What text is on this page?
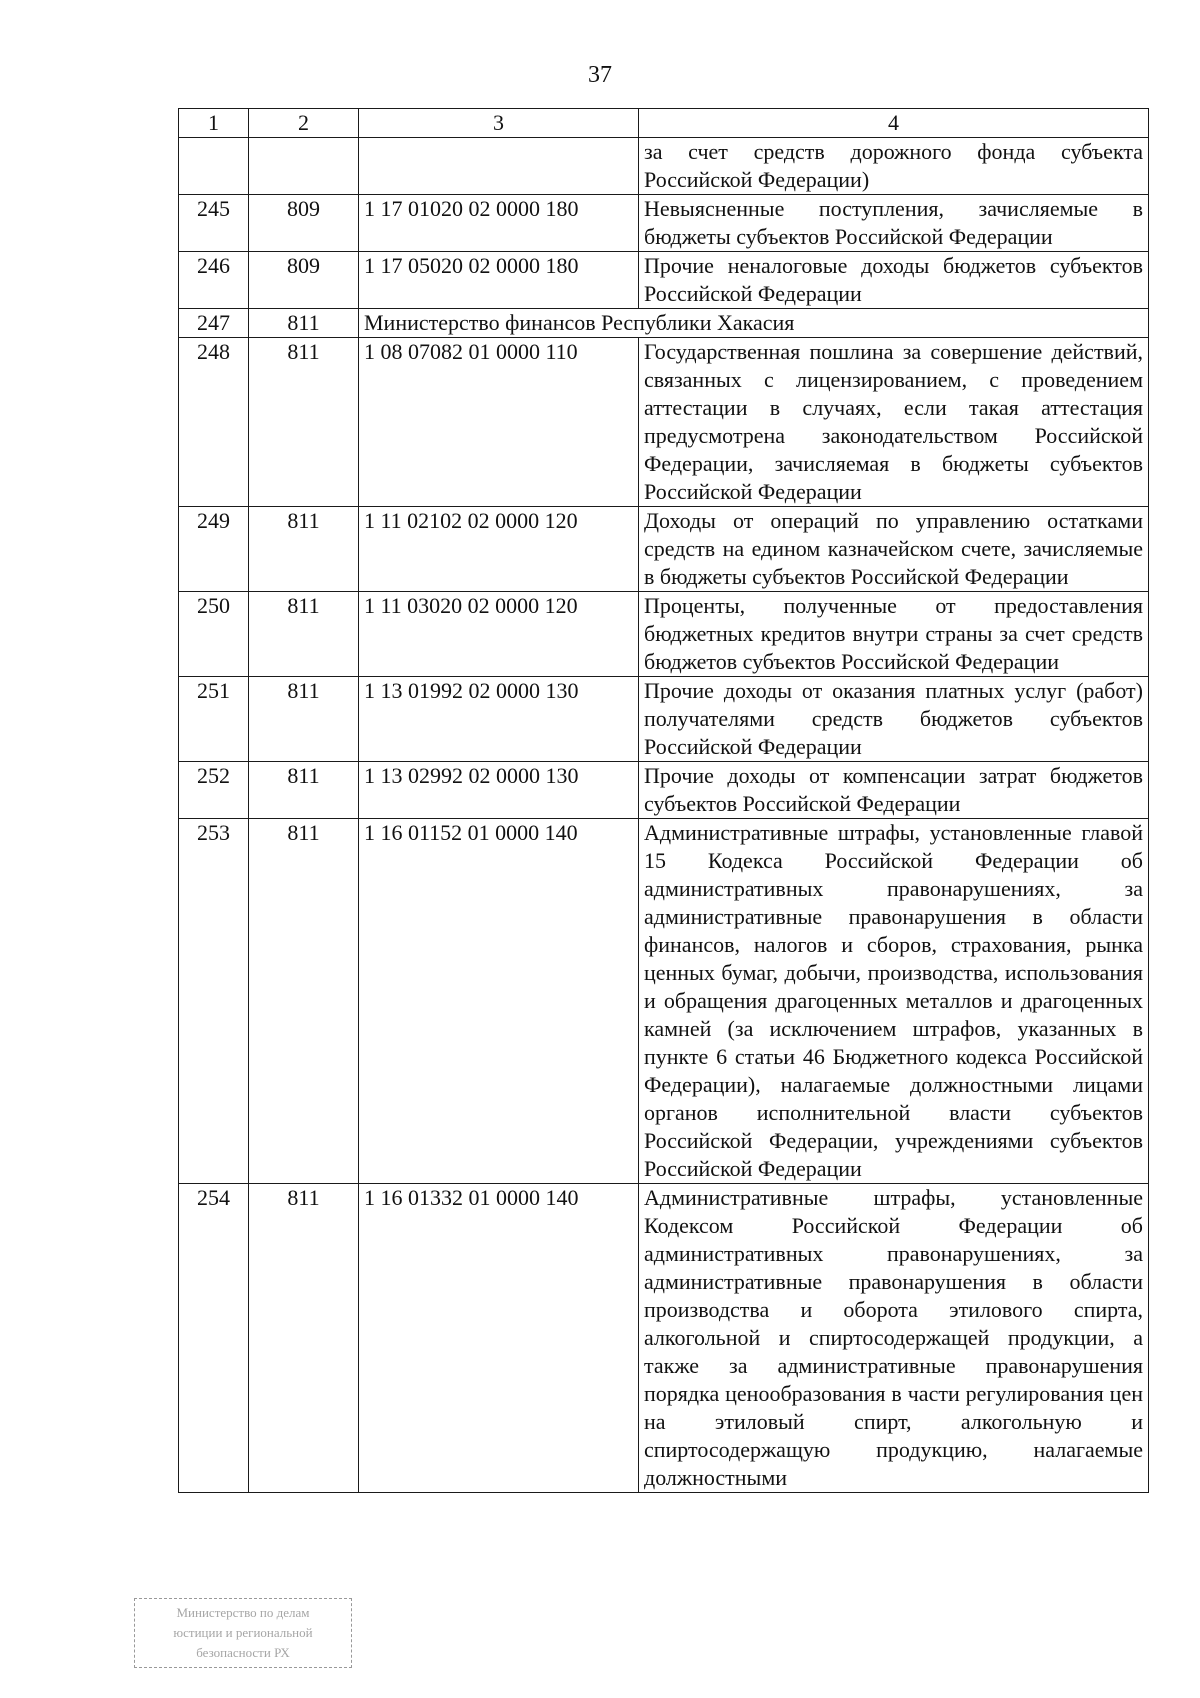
37
1	2	3	4
			за счет средств дорожного фонда субъекта Российской Федерации)
245	809	1 17 01020 02 0000 180	Невыясненные поступления, зачисляемые в бюджеты субъектов Российской Федерации
246	809	1 17 05020 02 0000 180	Прочие неналоговые доходы бюджетов субъектов Российской Федерации
247	811	Министерство финансов Республики Хакасия	
248	811	1 08 07082 01 0000 110	Государственная пошлина за совершение действий, связанных с лицензированием, с проведением аттестации в случаях, если такая аттестация предусмотрена законодательством Российской Федерации, зачисляемая в бюджеты субъектов Российской Федерации
249	811	1 11 02102 02 0000 120	Доходы от операций по управлению остатками средств на едином казначейском счете, зачисляемые в бюджеты субъектов Российской Федерации
250	811	1 11 03020 02 0000 120	Проценты, полученные от предоставления бюджетных кредитов внутри страны за счет средств бюджетов субъектов Российской Федерации
251	811	1 13 01992 02 0000 130	Прочие доходы от оказания платных услуг (работ) получателями средств бюджетов субъектов Российской Федерации
252	811	1 13 02992 02 0000 130	Прочие доходы от компенсации затрат бюджетов субъектов Российской Федерации
253	811	1 16 01152 01 0000 140	Административные штрафы, установленные главой 15 Кодекса Российской Федерации об административных правонарушениях, за административные правонарушения в области финансов, налогов и сборов, страхования, рынка ценных бумаг, добычи, производства, использования и обращения драгоценных металлов и драгоценных камней (за исключением штрафов, указанных в пункте 6 статьи 46 Бюджетного кодекса Российской Федерации), налагаемые должностными лицами органов исполнительной власти субъектов Российской Федерации, учреждениями субъектов Российской Федерации
254	811	1 16 01332 01 0000 140	Административные штрафы, установленные Кодексом Российской Федерации об административных правонарушениях, за административные правонарушения в области производства и оборота этилового спирта, алкогольной и спиртосодержащей продукции, а также за административные правонарушения порядка ценообразования в части регулирования цен на этиловый спирт, алкогольную и спиртосодержащую продукцию, налагаемые должностными
Министерство по делам
юстиции и региональной
безопасности РХ
